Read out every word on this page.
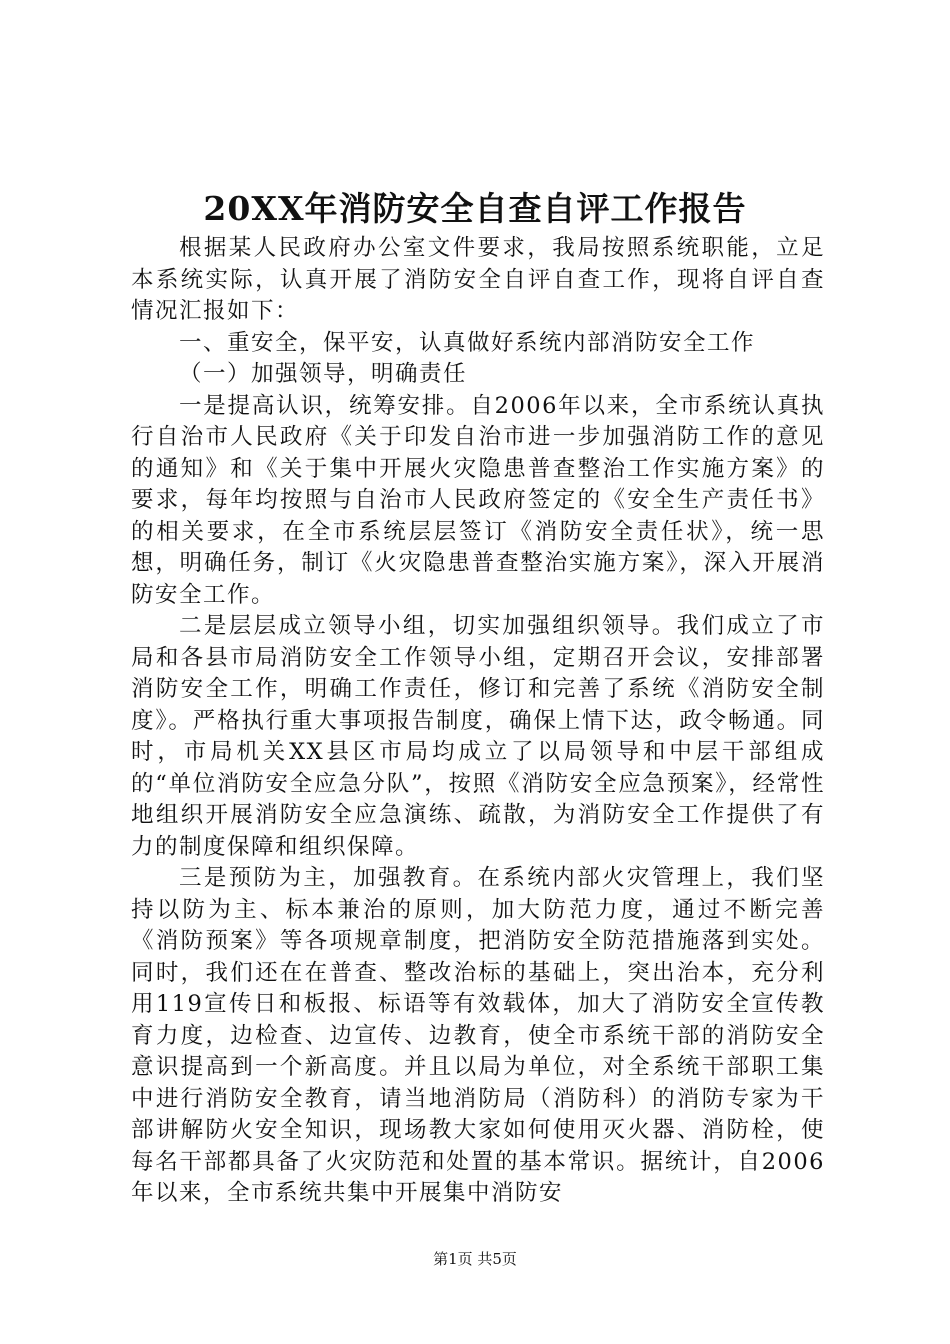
20XX年消防安全自查自评工作报告

根据某人民政府办公室文件要求，我局按照系统职能，立足本系统实际，认真开展了消防安全自评自查工作，现将自评自查情况汇报如下：

一、重安全，保平安，认真做好系统内部消防安全工作

（一）加强领导，明确责任

一是提高认识，统筹安排。自2006年以来，全市系统认真执行自治市人民政府《关于印发自治市进一步加强消防工作的意见的通知》和《关于集中开展火灾隐患普查整治工作实施方案》的要求，每年均按照与自治市人民政府签定的《安全生产责任书》的相关要求，在全市系统层层签订《消防安全责任状》，统一思想，明确任务，制订《火灾隐患普查整治实施方案》，深入开展消防安全工作。

二是层层成立领导小组，切实加强组织领导。我们成立了市局和各县市局消防安全工作领导小组，定期召开会议，安排部署消防安全工作，明确工作责任，修订和完善了系统《消防安全制度》。严格执行重大事项报告制度，确保上情下达，政令畅通。同时，市局机关XX县区市局均成立了以局领导和中层干部组成的“单位消防安全应急分队”，按照《消防安全应急预案》，经常性地组织开展消防安全应急演练、疏散，为消防安全工作提供了有力的制度保障和组织保障。

三是预防为主，加强教育。在系统内部火灾管理上，我们坚持以防为主、标本兼治的原则，加大防范力度，通过不断完善《消防预案》等各项规章制度，把消防安全防范措施落到实处。同时，我们还在在普查、整改治标的基础上，突出治本，充分利用119宣传日和板报、标语等有效载体，加大了消防安全宣传教育力度，边检查、边宣传、边教育，使全市系统干部的消防安全意识提高到一个新高度。并且以局为单位，对全系统干部职工集中进行消防安全教育，请当地消防局（消防科）的消防专家为干部讲解防火安全知识，现场教大家如何使用灭火器、消防栓，使每名干部都具备了火灾防范和处置的基本常识。据统计，自2006年以来，全市系统共集中开展集中消防安

第1页 共5页
